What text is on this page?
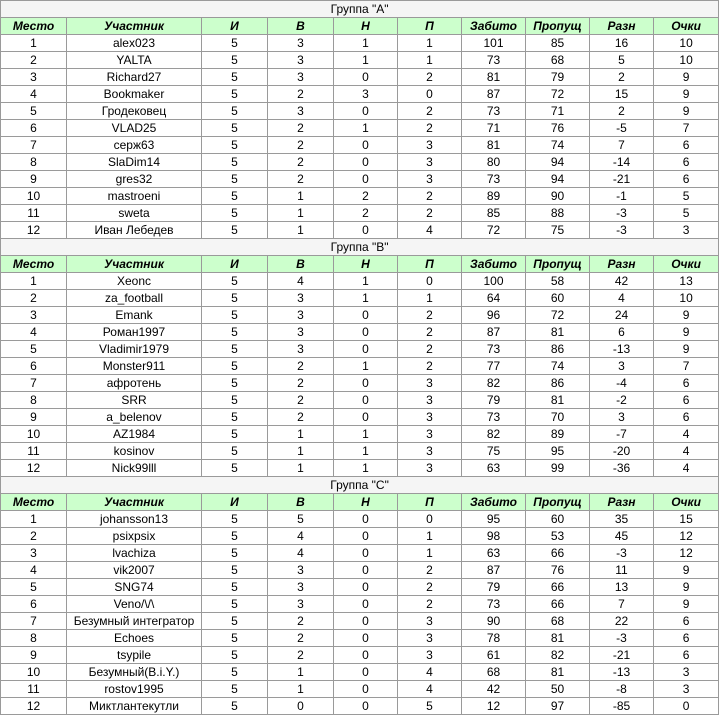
Группа "А"									
Место	Участник	И	В	Н	П	Забито	Пропущ	Разн	Очки
1	alex023	5	3	1	1	101	85	16	10
2	YALTA	5	3	1	1	73	68	5	10
3	Richard27	5	3	0	2	81	79	2	9
4	Bookmaker	5	2	3	0	87	72	15	9
5	Гродековец	5	3	0	2	73	71	2	9
6	VLAD25	5	2	1	2	71	76	-5	7
7	серж63	5	2	0	3	81	74	7	6
8	SlaDim14	5	2	0	3	80	94	-14	6
9	gres32	5	2	0	3	73	94	-21	6
10	mastroeni	5	1	2	2	89	90	-1	5
11	sweta	5	1	2	2	85	88	-3	5
12	Иван Лебедев	5	1	0	4	72	75	-3	3
Группа "В"									
Место	Участник	И	В	Н	П	Забито	Пропущ	Разн	Очки
1	Xeonc	5	4	1	0	100	58	42	13
2	za_football	5	3	1	1	64	60	4	10
3	Emank	5	3	0	2	96	72	24	9
4	Роман1997	5	3	0	2	87	81	6	9
5	Vladimir1979	5	3	0	2	73	86	-13	9
6	Monster911	5	2	1	2	77	74	3	7
7	афротень	5	2	0	3	82	86	-4	6
8	SRR	5	2	0	3	79	81	-2	6
9	a_belenov	5	2	0	3	73	70	3	6
10	AZ1984	5	1	1	3	82	89	-7	4
11	kosinov	5	1	1	3	75	95	-20	4
12	Nick99lll	5	1	1	3	63	99	-36	4
Группа "С"									
Место	Участник	И	В	Н	П	Забито	Пропущ	Разн	Очки
1	johansson13	5	5	0	0	95	60	35	15
2	psixpsix	5	4	0	1	98	53	45	12
3	lvachiza	5	4	0	1	63	66	-3	12
4	vik2007	5	3	0	2	87	76	11	9
5	SNG74	5	3	0	2	79	66	13	9
6	Veno/\/\	5	3	0	2	73	66	7	9
7	Безумный интегратор	5	2	0	3	90	68	22	6
8	Echoes	5	2	0	3	78	81	-3	6
9	tsypile	5	2	0	3	61	82	-21	6
10	Безумный(B.i.Y.)	5	1	0	4	68	81	-13	3
11	rostov1995	5	1	0	4	42	50	-8	3
12	Миктлантекутли	5	0	0	5	12	97	-85	0
